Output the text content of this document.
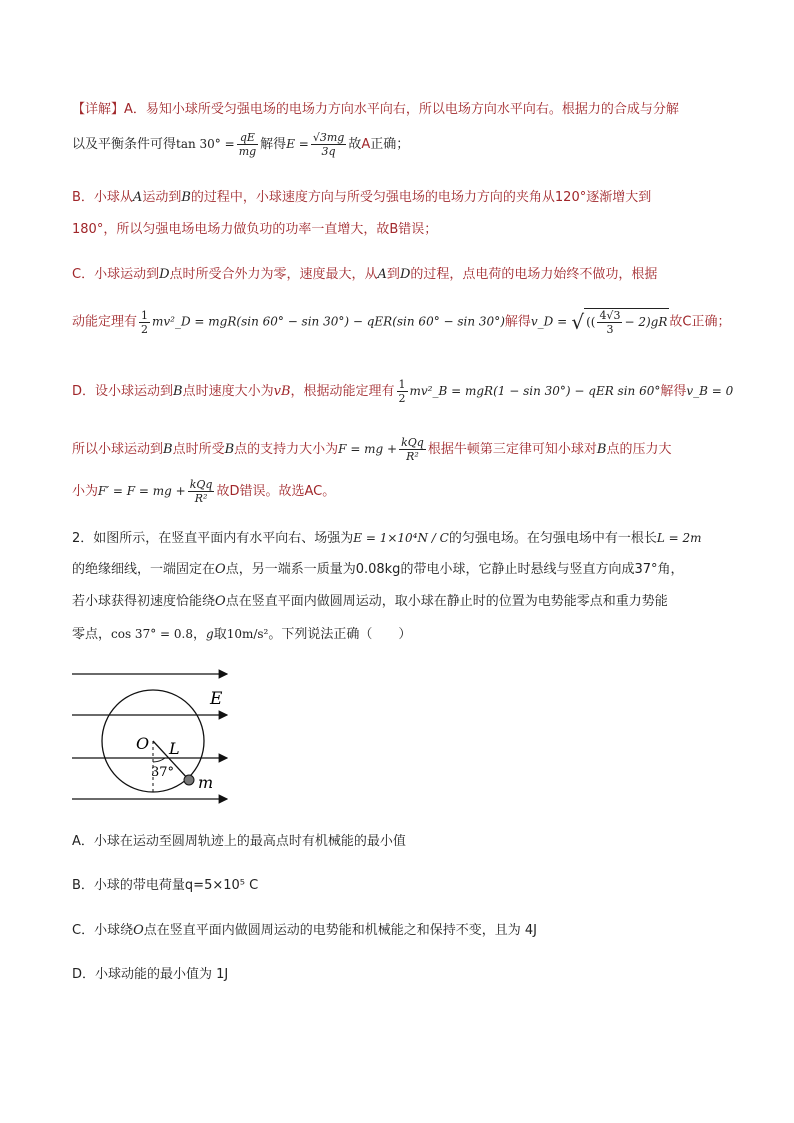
【详解】A．易知小球所受匀强电场的电场力方向水平向右，所以电场方向水平向右。根据力的合成与分解
以及平衡条件可得$\tan 30^\circ = \frac{qE}{mg}$ 解得$E = \frac{√3mg}{3q}$ 故A正确；
B．小球从A运动到B的过程中，小球速度方向与所受匀强电场的电场力方向的夹角从120°逐渐增大到
180°，所以匀强电场电场力做负功的功率一直增大，故B错误；
C．小球运动到D点时所受合外力为零，速度最大，从A到D的过程，点电荷的电场力始终不做功，根据
动能定理有 $\frac{1}{2}$ mv²_D = mgR(sin 60° − sin 30°) − qER(sin 60° − sin 30°)解得v_D = √ (( $\frac{4√3}{3} - 2)gR$ 故C正确；
D．设小球运动到B点时速度大小为vB，根据动能定理有 $\frac{1}{2}$ mv²_B = mgR(1 − sin 30°) − qER sin 60°解得v_B = 0
所以小球运动到B点时所受B点的支持力大小为F = mg + $\frac{\text{kQq}}{\text{R²}}$ 根据牛顿第三定律可知小球对B点的压力大
小为F′ = F = mg + $\frac{\text{kQq}}{\text{R²}}$ 故D错误。故选AC。
2．如图所示，在竖直平面内有水平向右、场强为E = 1×10⁴N / C的匀强电场。在匀强电场中有一根长L = 2m
的绝缘细线，一端固定在O点，另一端系一质量为0.08kg的带电小球，它静止时悬线与竖直方向成37°角，
若小球获得初速度恰能绕O点在竖直平面内做圆周运动，取小球在静止时的位置为电势能零点和重力势能
零点，cos 37° = 0.8，g取10m/s²。下列说法正确（　　）
E
O L
37°
m
A．小球在运动至圆周轨迹上的最高点时有机械能的最小值
B．小球的带电荷量q=5×10⁵ C
C．小球绕O点在竖直平面内做圆周运动的电势能和机械能之和保持不变，且为 4J
D．小球动能的最小值为 1J
